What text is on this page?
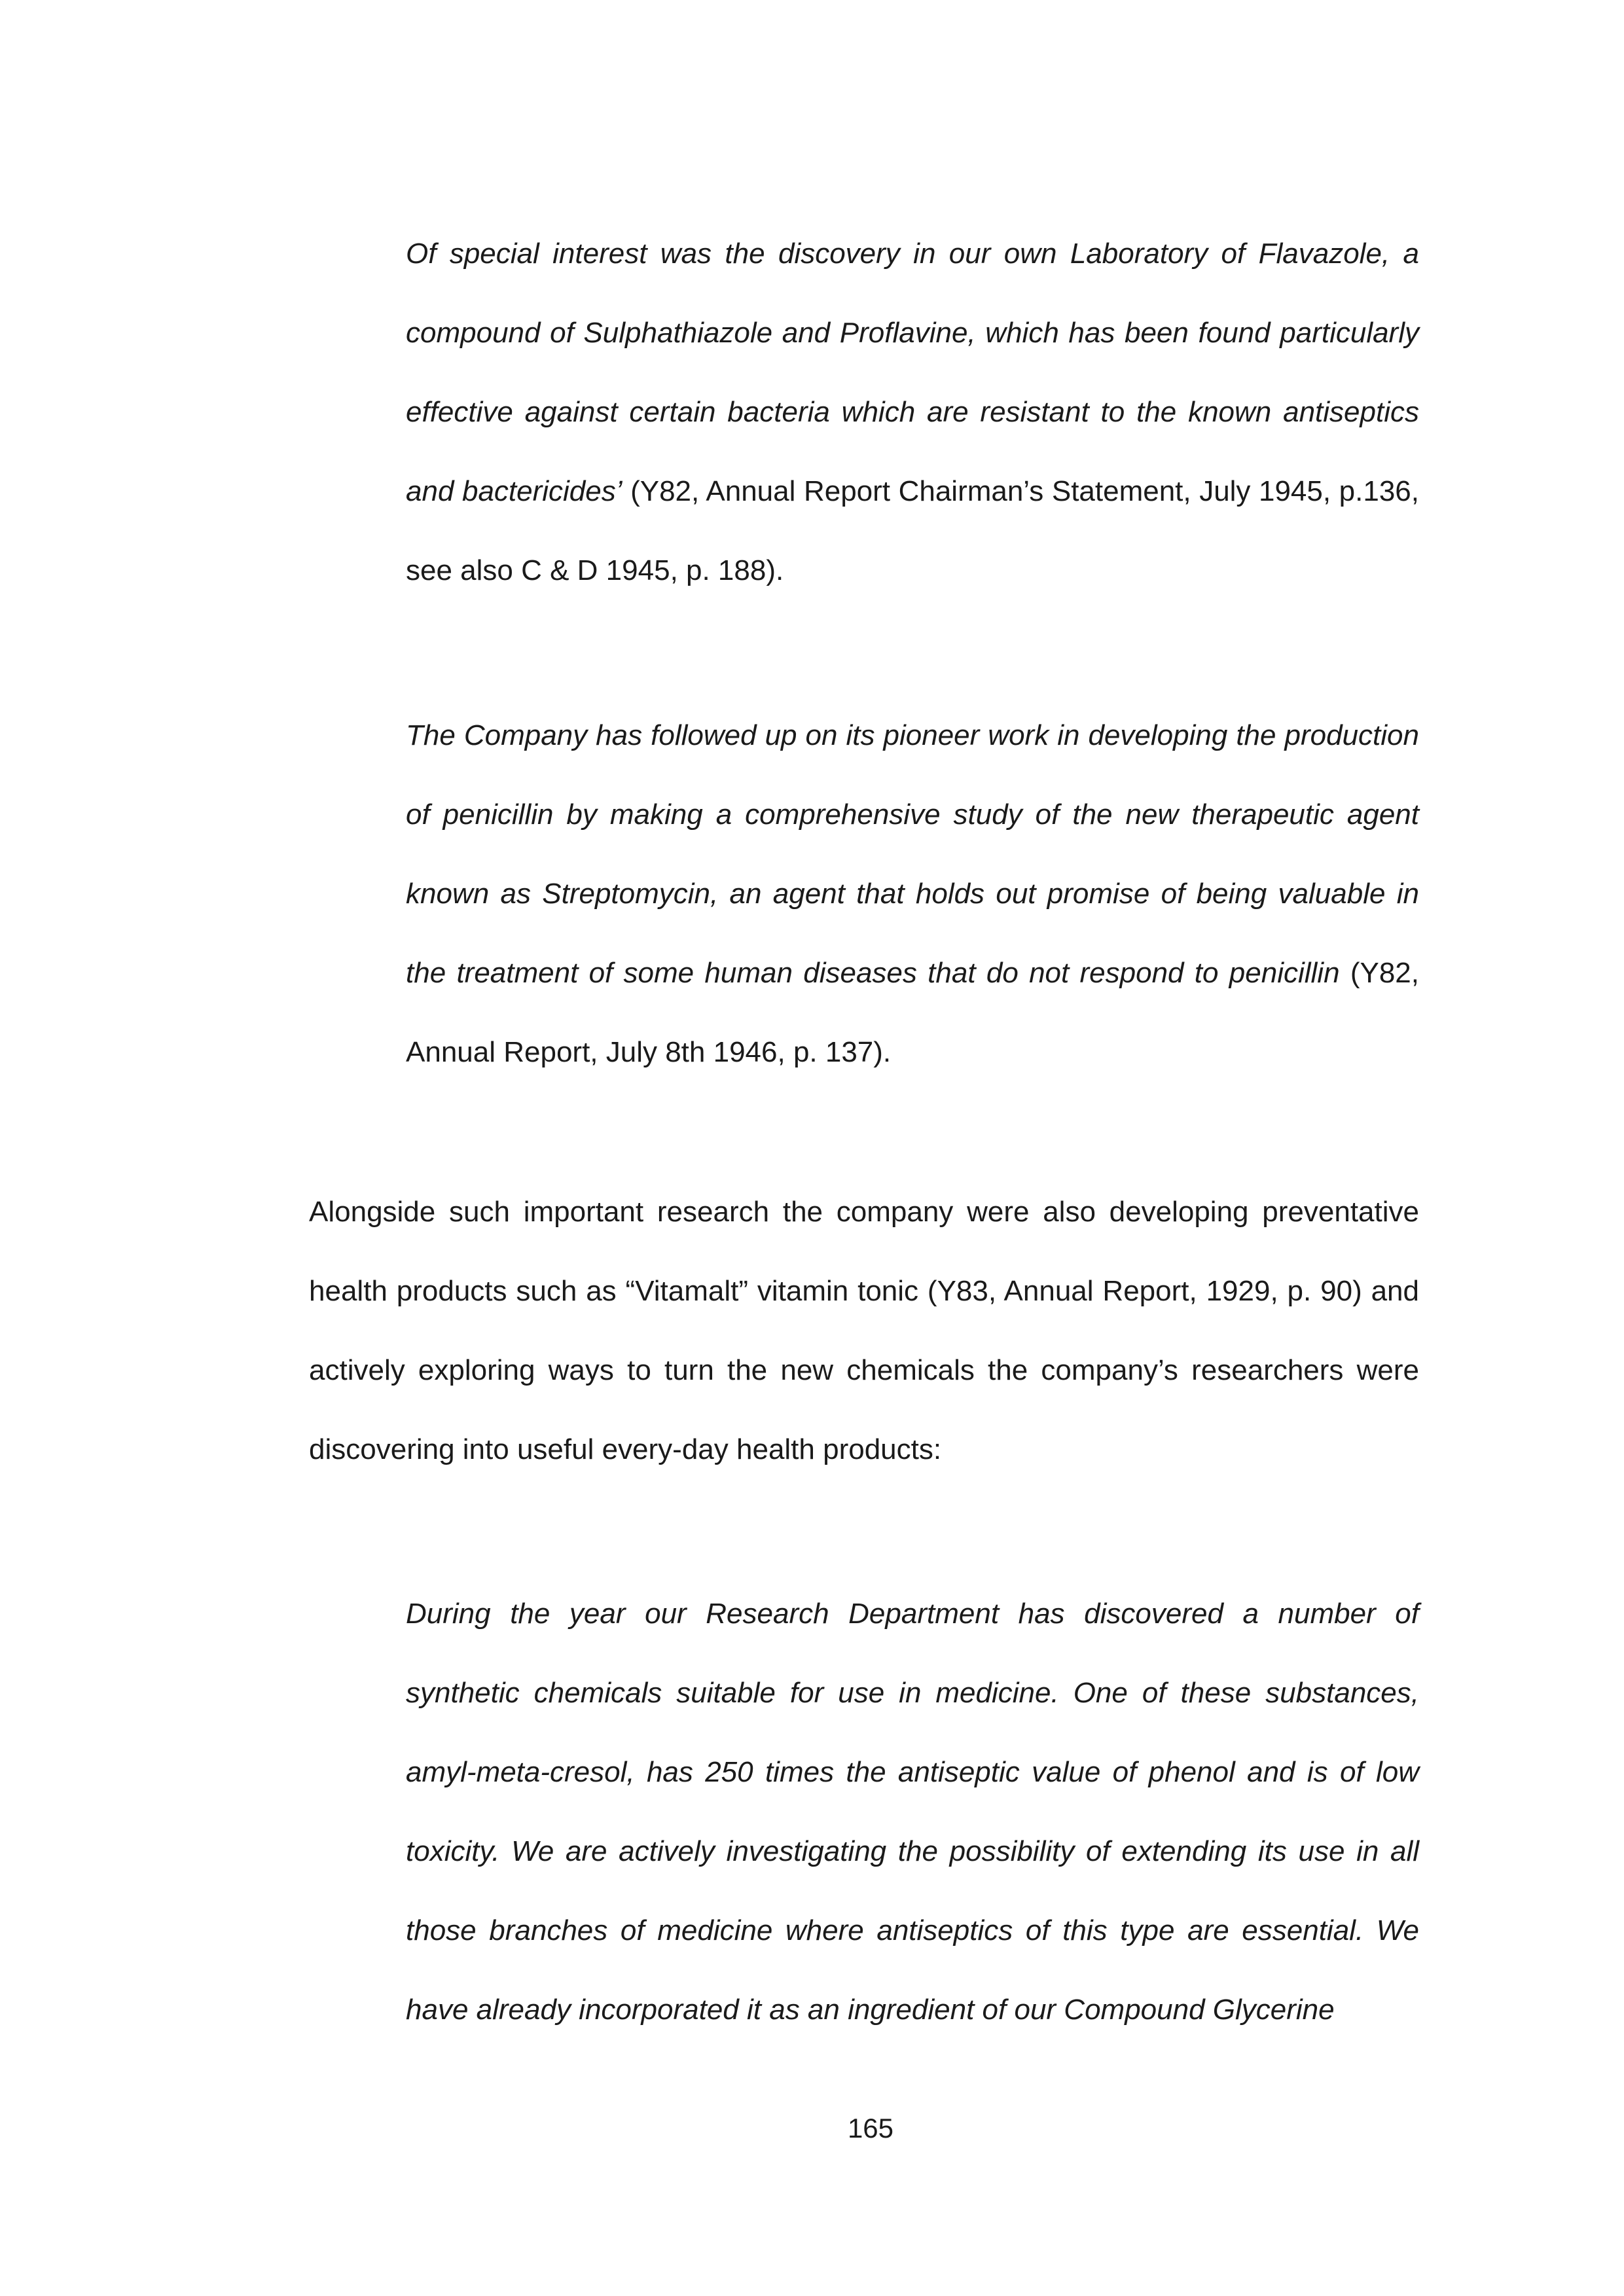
Of special interest was the discovery in our own Laboratory of Flavazole, a compound of Sulphathiazole and Proflavine, which has been found particularly effective against certain bacteria which are resistant to the known antiseptics and bactericides’ (Y82, Annual Report Chairman’s Statement, July 1945, p.136, see also C & D 1945, p. 188).

The Company has followed up on its pioneer work in developing the production of penicillin by making a comprehensive study of the new therapeutic agent known as Streptomycin, an agent that holds out promise of being valuable in the treatment of some human diseases that do not respond to penicillin (Y82, Annual Report, July 8th 1946, p. 137).

Alongside such important research the company were also developing preventative health products such as “Vitamalt” vitamin tonic (Y83, Annual Report, 1929, p. 90) and actively exploring ways to turn the new chemicals the company’s researchers were discovering into useful every-day health products:

During the year our Research Department has discovered a number of synthetic chemicals suitable for use in medicine. One of these substances, amyl-meta-cresol, has 250 times the antiseptic value of phenol and is of low toxicity. We are actively investigating the possibility of extending its use in all those branches of medicine where antiseptics of this type are essential. We have already incorporated it as an ingredient of our Compound Glycerine

165
